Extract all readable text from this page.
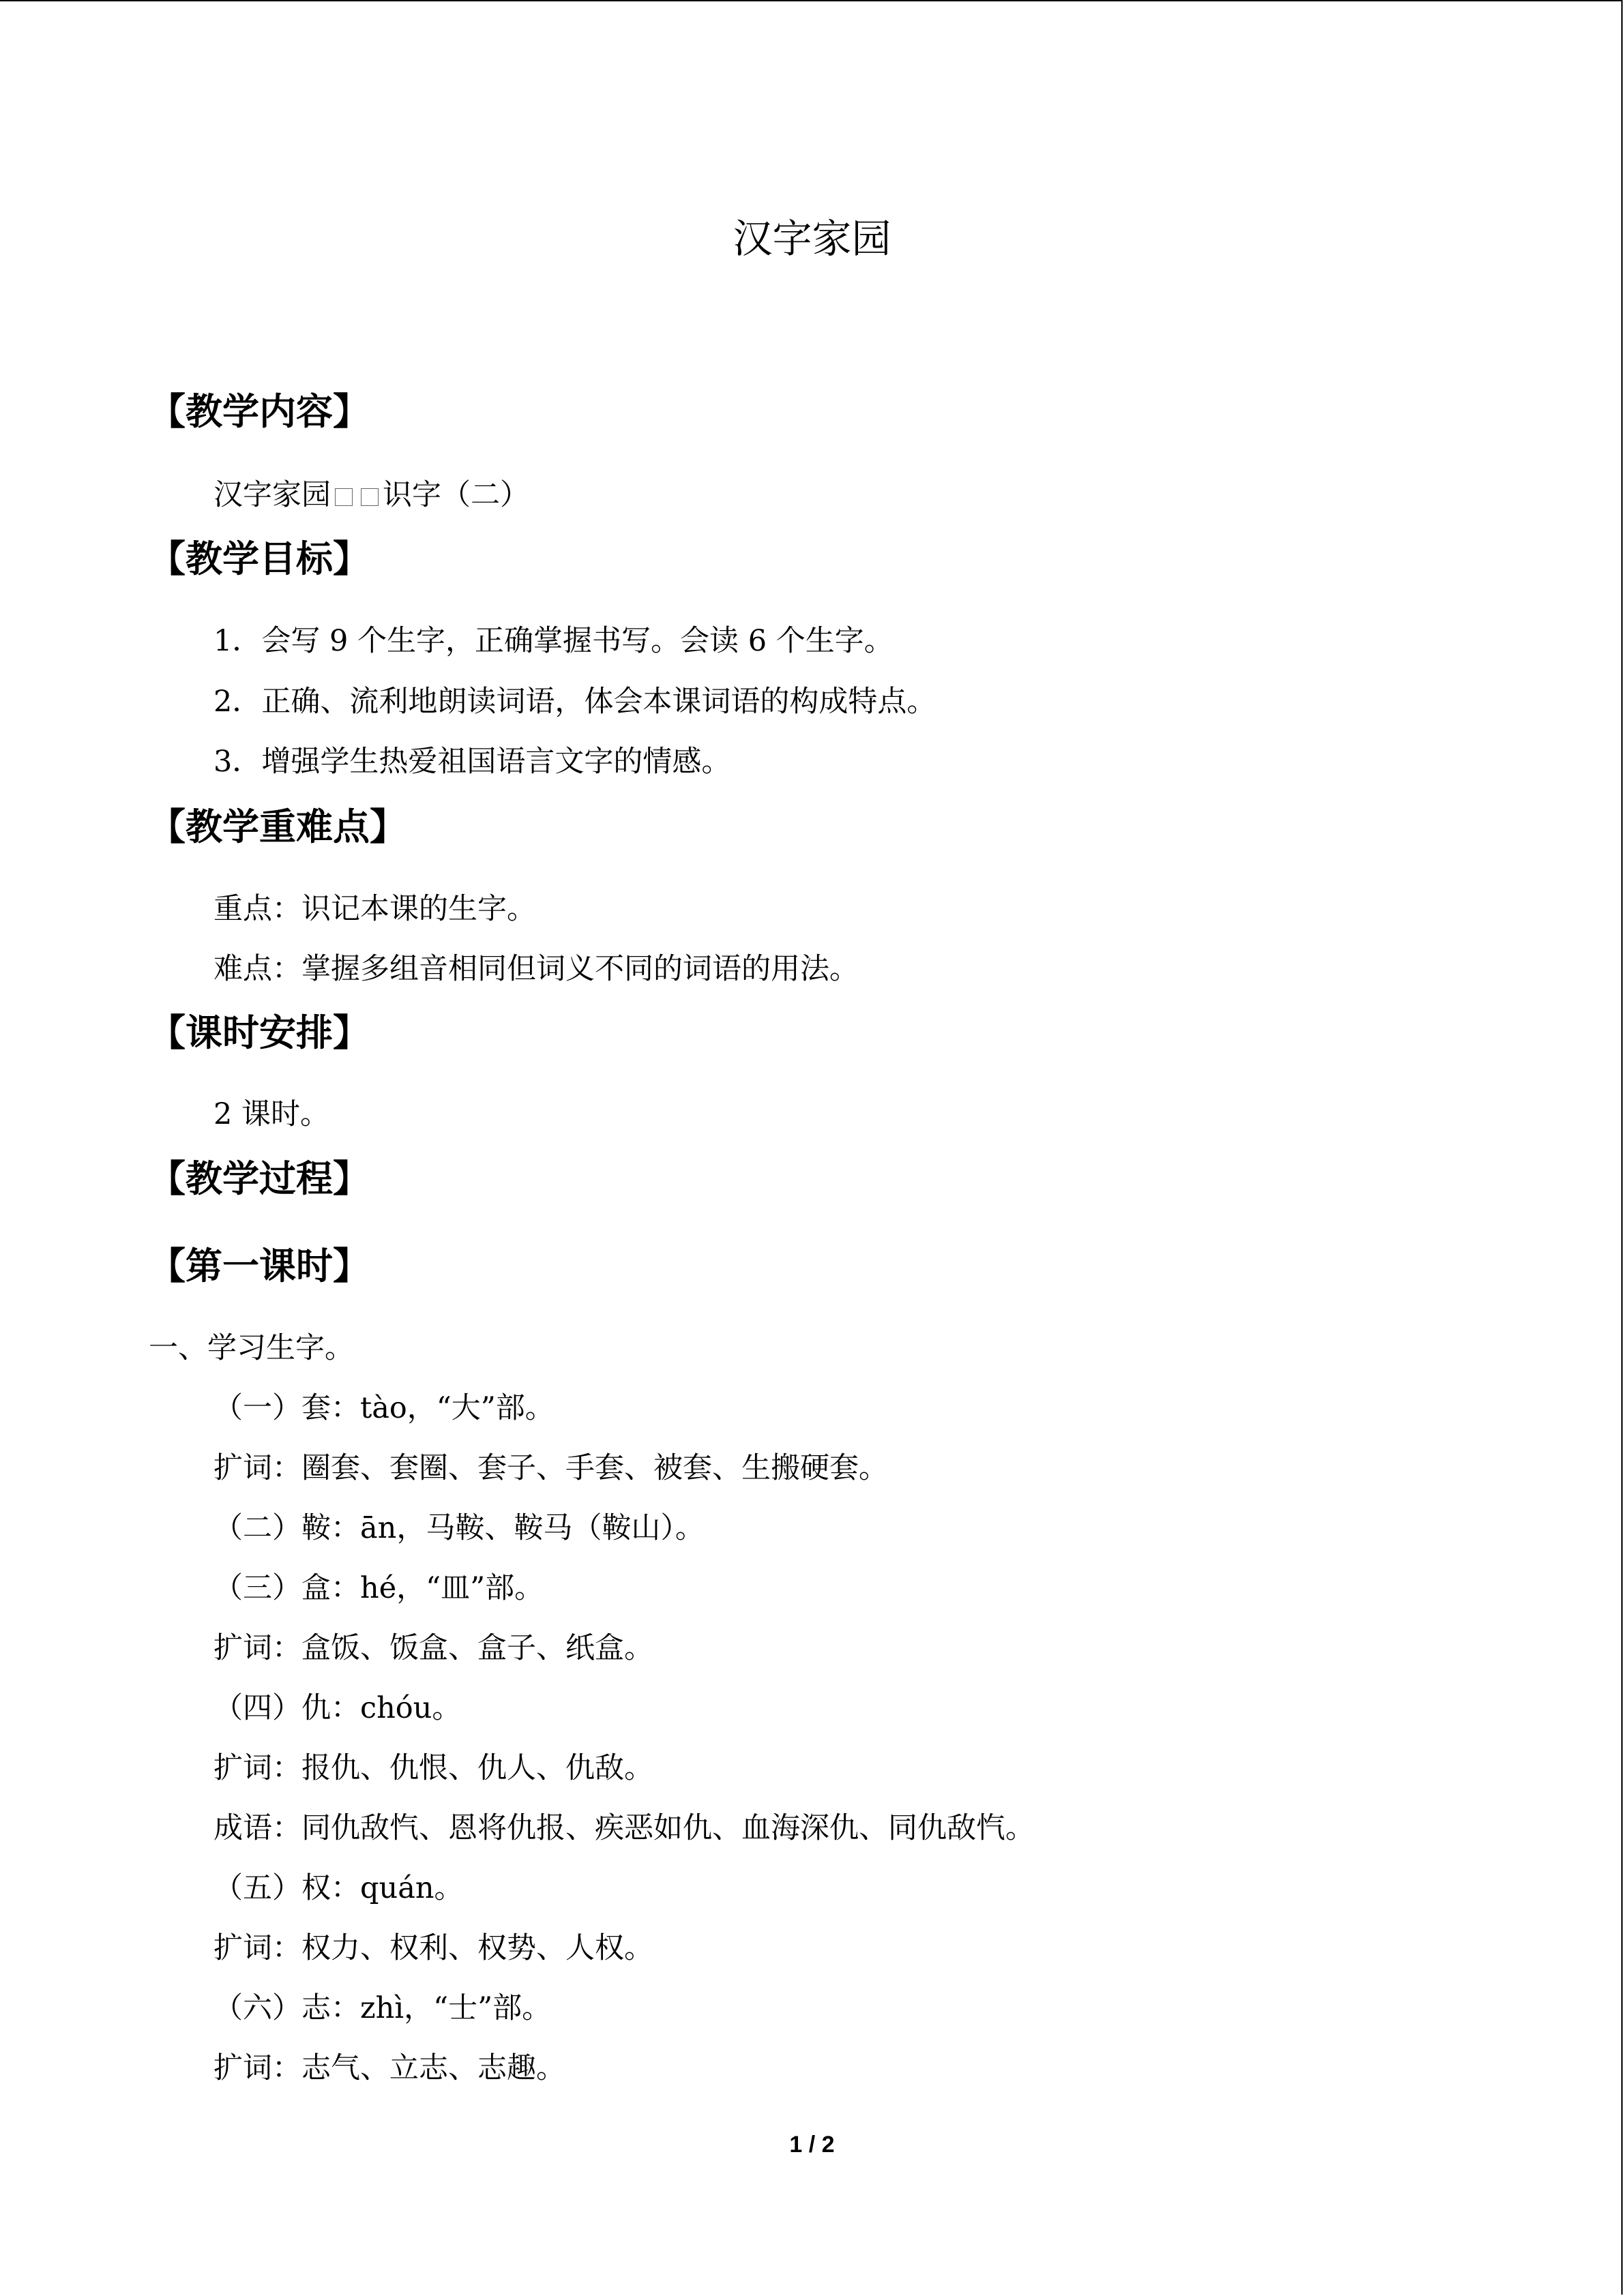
汉字家园
【教学内容】
汉字家园 识字（二）
【教学目标】
1．会写 9 个生字，正确掌握书写。会读 6 个生字。
2．正确、流利地朗读词语，体会本课词语的构成特点。
3．增强学生热爱祖国语言文字的情感。
【教学重难点】
重点：识记本课的生字。
难点：掌握多组音相同但词义不同的词语的用法。
【课时安排】
2 课时。
【教学过程】
【第一课时】
一、学习生字。
（一）套：tào，“大”部。
扩词：圈套、套圈、套子、手套、被套、生搬硬套。
（二）鞍：ān，马鞍、鞍马（鞍山）。
（三）盒：hé，“皿”部。
扩词：盒饭、饭盒、盒子、纸盒。
（四）仇：chóu。
扩词：报仇、仇恨、仇人、仇敌。
成语：同仇敌忾、恩将仇报、疾恶如仇、血海深仇、同仇敌忾。
（五）权：quán。
扩词：权力、权利、权势、人权。
（六）志：zhì，“士”部。
扩词：志气、立志、志趣。
1 / 2
